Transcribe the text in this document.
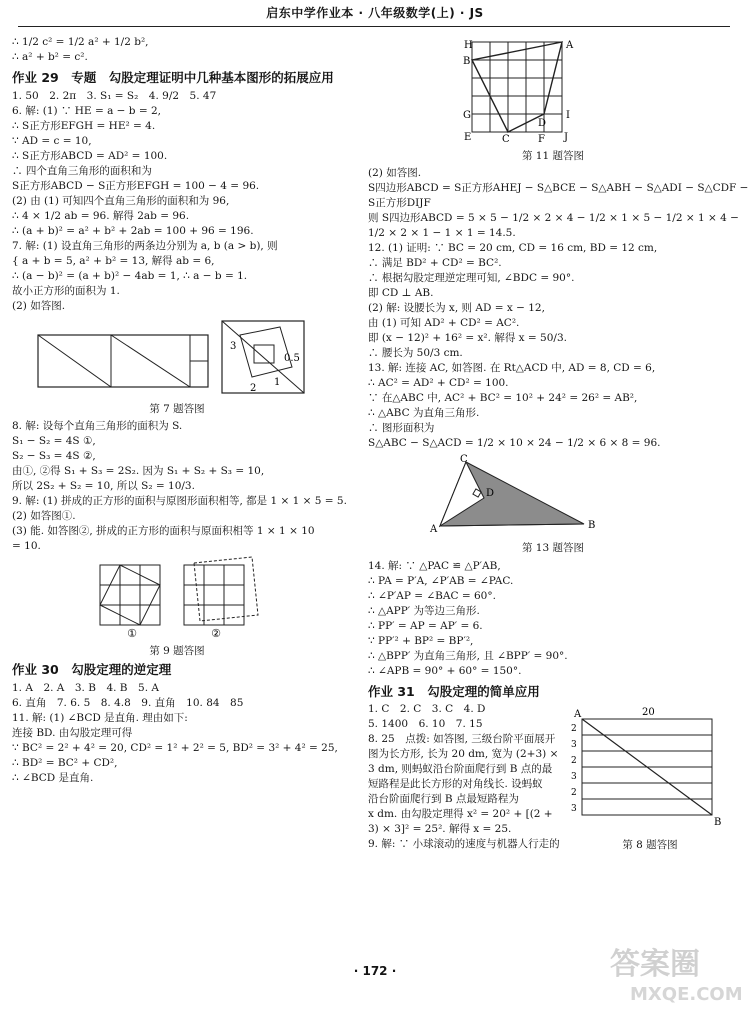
启东中学作业本 · 八年级数学(上) · JS
∴ 1/2 c² = 1/2 a² + 1/2 b²,
∴ a² + b² = c².
作业 29　专题　勾股定理证明中几种基本图形的拓展应用
1. 50　2. 2π　3. S₁ = S₂　4. 9/2　5. 47
6. 解: (1) ∵ HE = a − b = 2,
∴ S正方形EFGH = HE² = 4.
∵ AD = c = 10,
∴ S正方形ABCD = AD² = 100.
∴ 四个直角三角形的面积和为
S正方形ABCD − S正方形EFGH = 100 − 4 = 96.
(2) 由 (1) 可知四个直角三角形的面积和为 96,
∴ 4 × 1/2 ab = 96. 解得 2ab = 96.
∴ (a + b)² = a² + b² + 2ab = 100 + 96 = 196.
7. 解: (1) 设直角三角形的两条边分别为 a, b (a > b), 则
{ a + b = 5, a² + b² = 13, 解得 ab = 6,
∴ (a − b)² = (a + b)² − 4ab = 1, ∴ a − b = 1.
故小正方形的面积为 1.
(2) 如答图.
3
0.5
2
1
第 7 题答图
8. 解: 设每个直角三角形的面积为 S.
S₁ − S₂ = 4S ①,
S₂ − S₃ = 4S ②,
由①, ②得 S₁ + S₃ = 2S₂. 因为 S₁ + S₂ + S₃ = 10,
所以 2S₂ + S₂ = 10, 所以 S₂ = 10/3.
9. 解: (1) 拼成的正方形的面积与原图形面积相等, 都是 1 × 1 × 5 = 5.
(2) 如答图①.
(3) 能. 如答图②, 拼成的正方形的面积与原面积相等 1 × 1 × 10
= 10.
①	②
第 9 题答图
作业 30　勾股定理的逆定理
1. A　2. A　3. B　4. B　5. A
6. 直角　7. 6. 5　8. 4.8　9. 直角　10. 84　85
11. 解: (1) ∠BCD 是直角. 理由如下:
连接 BD. 由勾股定理可得
∵ BC² = 2² + 4² = 20, CD² = 1² + 2² = 5, BD² = 3² + 4² = 25,
∴ BD² = BC² + CD²,
∴ ∠BCD 是直角.
H	A
B
G	I
D
E	C	F J
第 11 题答图
(2) 如答图.
S四边形ABCD = S正方形AHEJ − S△BCE − S△ABH − S△ADI − S△CDF −
S正方形DIJF
则 S四边形ABCD = 5 × 5 − 1/2 × 2 × 4 − 1/2 × 1 × 5 − 1/2 × 1 × 4 −
1/2 × 2 × 1 − 1 × 1 = 14.5.
12. (1) 证明: ∵ BC = 20 cm, CD = 16 cm, BD = 12 cm,
∴ 满足 BD² + CD² = BC².
∴ 根据勾股定理逆定理可知, ∠BDC = 90°.
即 CD ⊥ AB.
(2) 解: 设腰长为 x, 则 AD = x − 12,
由 (1) 可知 AD² + CD² = AC².
即 (x − 12)² + 16² = x². 解得 x = 50/3.
∴ 腰长为 50/3 cm.
13. 解: 连接 AC, 如答图. 在 Rt△ACD 中, AD = 8, CD = 6,
∴ AC² = AD² + CD² = 100.
∵ 在△ABC 中, AC² + BC² = 10² + 24² = 26² = AB²,
∴ △ABC 为直角三角形.
∴ 图形面积为
S△ABC − S△ACD = 1/2 × 10 × 24 − 1/2 × 6 × 8 = 96.
C
D
A	B
第 13 题答图
14. 解: ∵ △PAC ≌ △P′AB,
∴ PA = P′A, ∠P′AB = ∠PAC.
∴ ∠P′AP = ∠BAC = 60°.
∴ △APP′ 为等边三角形.
∴ PP′ = AP = AP′ = 6.
∵ PP′² + BP² = BP′²,
∴ △BPP′ 为直角三角形, 且 ∠BPP′ = 90°.
∴ ∠APB = 90° + 60° = 150°.
作业 31　勾股定理的简单应用
1. C　2. C　3. C　4. D
5. 1400　6. 10　7. 15
8. 25　点拨: 如答图, 三级台阶平面展开
图为长方形, 长为 20 dm, 宽为 (2+3) ×
3 dm, 则蚂蚁沿台阶面爬行到 B 点的最
短路程是此长方形的对角线长. 设蚂蚁
沿台阶面爬行到 B 点最短路程为
x dm. 由勾股定理得 x² = 20² + [(2 +
3) × 3]² = 25². 解得 x = 25.
9. 解: ∵ 小球滚动的速度与机器人行走的
A	20
B
2
3
2
3
2
3
第 8 题答图
· 172 ·	答案圈
MXQE.COM
